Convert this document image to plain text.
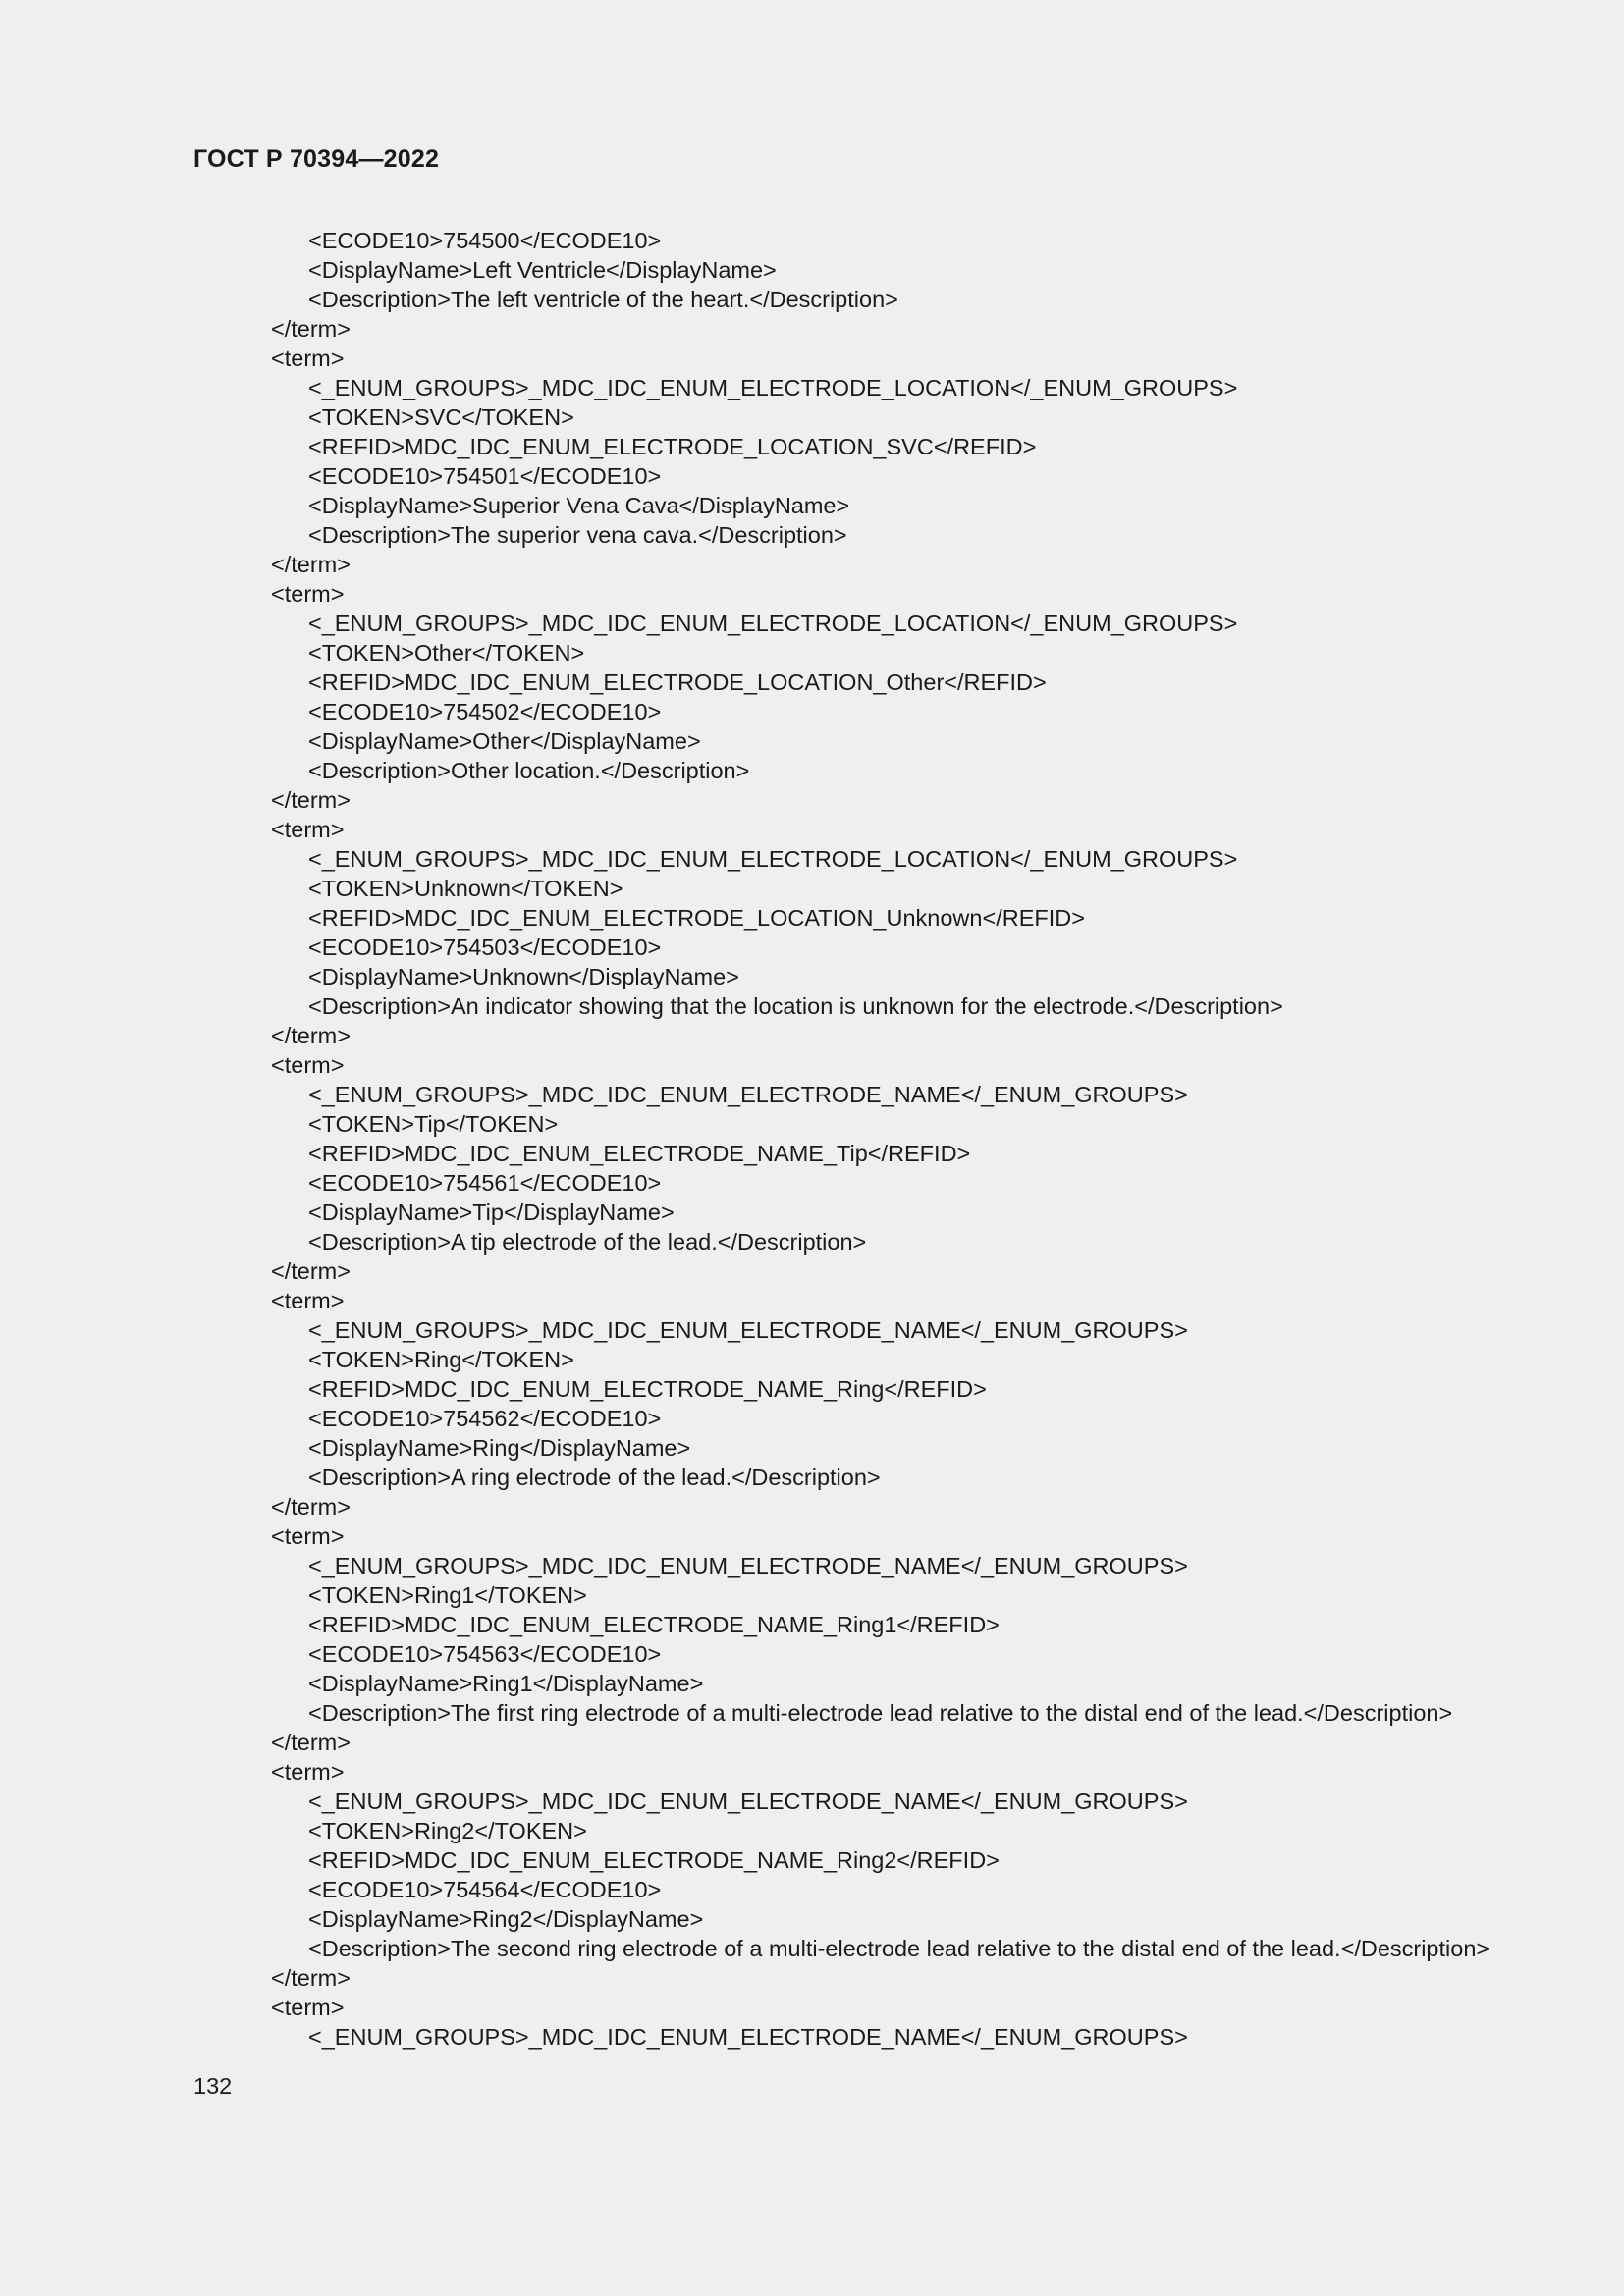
ГОСТ Р 70394—2022
<ECODE10>754500</ECODE10>
<DisplayName>Left Ventricle</DisplayName>
<Description>The left ventricle of the heart.</Description>
</term>
<term>
<_ENUM_GROUPS>_MDC_IDC_ENUM_ELECTRODE_LOCATION</_ENUM_GROUPS>
<TOKEN>SVC</TOKEN>
<REFID>MDC_IDC_ENUM_ELECTRODE_LOCATION_SVC</REFID>
<ECODE10>754501</ECODE10>
<DisplayName>Superior Vena Cava</DisplayName>
<Description>The superior vena cava.</Description>
</term>
<term>
<_ENUM_GROUPS>_MDC_IDC_ENUM_ELECTRODE_LOCATION</_ENUM_GROUPS>
<TOKEN>Other</TOKEN>
<REFID>MDC_IDC_ENUM_ELECTRODE_LOCATION_Other</REFID>
<ECODE10>754502</ECODE10>
<DisplayName>Other</DisplayName>
<Description>Other location.</Description>
</term>
<term>
<_ENUM_GROUPS>_MDC_IDC_ENUM_ELECTRODE_LOCATION</_ENUM_GROUPS>
<TOKEN>Unknown</TOKEN>
<REFID>MDC_IDC_ENUM_ELECTRODE_LOCATION_Unknown</REFID>
<ECODE10>754503</ECODE10>
<DisplayName>Unknown</DisplayName>
<Description>An indicator showing that the location is unknown for the electrode.</Description>
</term>
<term>
<_ENUM_GROUPS>_MDC_IDC_ENUM_ELECTRODE_NAME</_ENUM_GROUPS>
<TOKEN>Tip</TOKEN>
<REFID>MDC_IDC_ENUM_ELECTRODE_NAME_Tip</REFID>
<ECODE10>754561</ECODE10>
<DisplayName>Tip</DisplayName>
<Description>A tip electrode of the lead.</Description>
</term>
<term>
<_ENUM_GROUPS>_MDC_IDC_ENUM_ELECTRODE_NAME</_ENUM_GROUPS>
<TOKEN>Ring</TOKEN>
<REFID>MDC_IDC_ENUM_ELECTRODE_NAME_Ring</REFID>
<ECODE10>754562</ECODE10>
<DisplayName>Ring</DisplayName>
<Description>A ring electrode of the lead.</Description>
</term>
<term>
<_ENUM_GROUPS>_MDC_IDC_ENUM_ELECTRODE_NAME</_ENUM_GROUPS>
<TOKEN>Ring1</TOKEN>
<REFID>MDC_IDC_ENUM_ELECTRODE_NAME_Ring1</REFID>
<ECODE10>754563</ECODE10>
<DisplayName>Ring1</DisplayName>
<Description>The first ring electrode of a multi-electrode lead relative to the distal end of the lead.</Description>
</term>
<term>
<_ENUM_GROUPS>_MDC_IDC_ENUM_ELECTRODE_NAME</_ENUM_GROUPS>
<TOKEN>Ring2</TOKEN>
<REFID>MDC_IDC_ENUM_ELECTRODE_NAME_Ring2</REFID>
<ECODE10>754564</ECODE10>
<DisplayName>Ring2</DisplayName>
<Description>The second ring electrode of a multi-electrode lead relative to the distal end of the lead.</Description>
</term>
<term>
<_ENUM_GROUPS>_MDC_IDC_ENUM_ELECTRODE_NAME</_ENUM_GROUPS>
132
